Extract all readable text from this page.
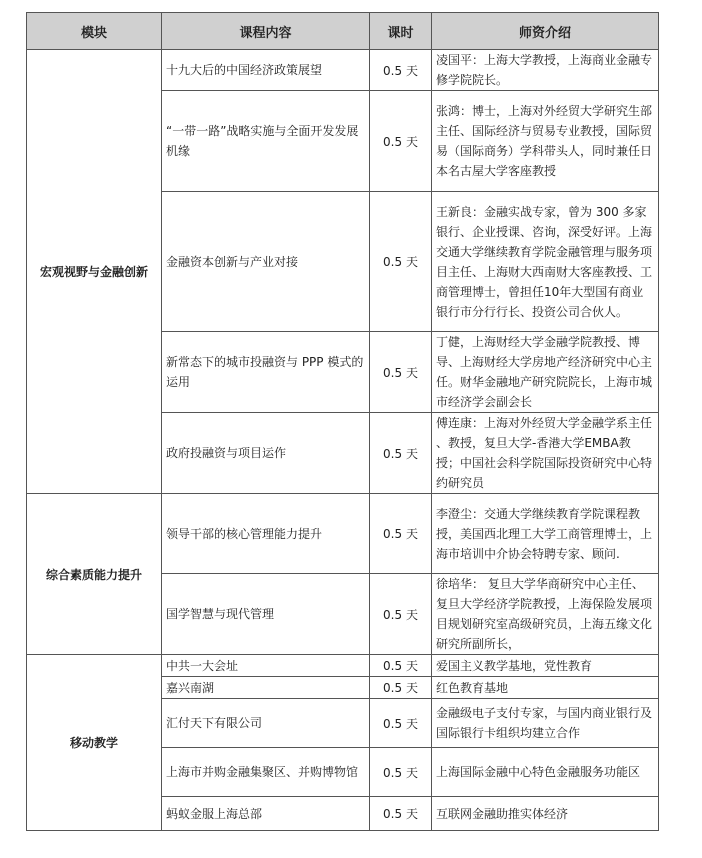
模块	课程内容	课时	师资介绍
宏观视野与金融创新	十九大后的中国经济政策展望	0.5 天	凌国平：上海大学教授，上海商业金融专修学院院长。
	“一带一路”战略实施与全面开发发展机缘	0.5 天	张鸿：博士，上海对外经贸大学研究生部主任、国际经济与贸易专业教授，国际贸易（国际商务）学科带头人，同时兼任日本名古屋大学客座教授
	金融资本创新与产业对接	0.5 天	王新良：金融实战专家，曾为 300 多家银行、企业授课、咨询，深受好评。上海交通大学继续教育学院金融管理与服务项目主任、上海财大西南财大客座教授、工商管理博士，曾担任10年大型国有商业银行市分行行长、投资公司合伙人。
	新常态下的城市投融资与 PPP 模式的运用	0.5 天	丁健，上海财经大学金融学院教授、博导、上海财经大学房地产经济研究中心主任。财华金融地产研究院院长，上海市城市经济学会副会长
	政府投融资与项目运作	0.5 天	傅连康：上海对外经贸大学金融学系主任 、教授，复旦大学-香港大学EMBA教授；中国社会科学院国际投资研究中心特约研究员
综合素质能力提升	领导干部的核心管理能力提升	0.5 天	李澄尘：交通大学继续教育学院课程教授，美国西北理工大学工商管理博士，上海市培训中介协会特聘专家、顾问.
	国学智慧与现代管理	0.5 天	徐培华： 复旦大学华商研究中心主任、复旦大学经济学院教授，上海保险发展项目规划研究室高级研究员，上海五缘文化研究所副所长，
移动教学	中共一大会址	0.5 天	爱国主义教学基地，党性教育
	嘉兴南湖	0.5 天	红色教育基地
	汇付天下有限公司	0.5 天	金融级电子支付专家，与国内商业银行及国际银行卡组织均建立合作
	上海市并购金融集聚区、并购博物馆	0.5 天	上海国际金融中心特色金融服务功能区
	蚂蚁金服上海总部	0.5 天	互联网金融助推实体经济
